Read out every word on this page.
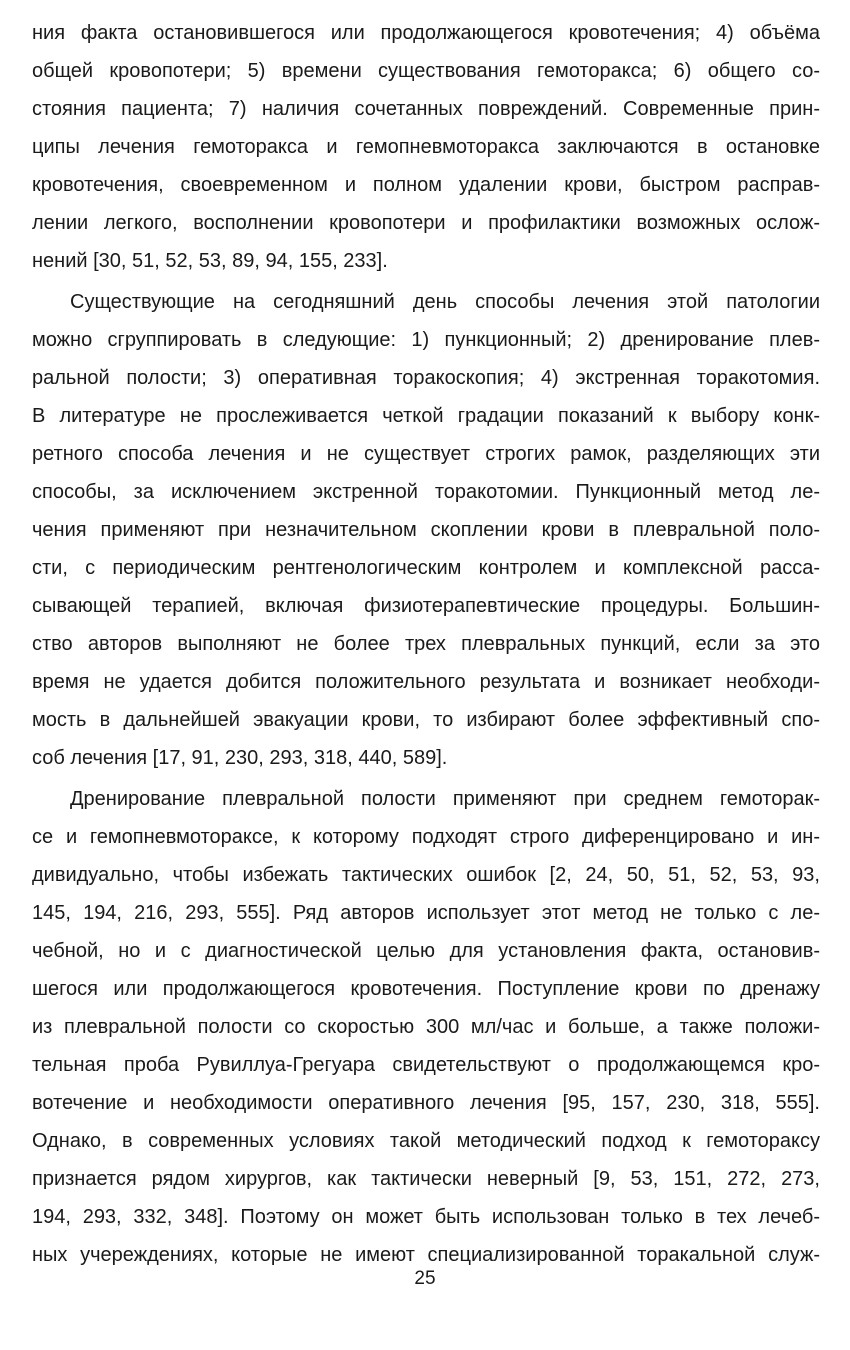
ния факта остановившегося или продолжающегося кровотечения; 4) объёма
общей кровопотери; 5) времени существования гемоторакса; 6) общего со-
стояния пациента; 7) наличия сочетанных повреждений. Современные прин-
ципы лечения гемоторакса и гемопневмоторакса заключаются в остановке
кровотечения, своевременном и полном удалении крови, быстром расправ-
лении легкого, восполнении кровопотери и профилактики возможных ослож-
нений [30, 51, 52, 53, 89, 94, 155, 233].
Существующие на сегодняшний день способы лечения этой патологии
можно сгруппировать в следующие: 1) пункционный; 2) дренирование плев-
ральной полости; 3) оперативная торакоскопия; 4) экстренная торакотомия.
В литературе не прослеживается четкой градации показаний к выбору конк-
ретного способа лечения и не существует строгих рамок, разделяющих эти
способы, за исключением экстренной торакотомии. Пункционный метод ле-
чения применяют при незначительном скоплении крови в плевральной поло-
сти, с периодическим рентгенологическим контролем и комплексной расса-
сывающей терапией, включая физиотерапевтические процедуры. Большин-
ство авторов выполняют не более трех плевральных пункций, если за это
время не удается добится положительного результата и возникает необходи-
мость в дальнейшей эвакуации крови, то избирают более эффективный спо-
соб лечения [17, 91, 230, 293, 318, 440, 589].
Дренирование плевральной полости применяют при среднем гемоторак-
се и гемопневмотораксе, к которому подходят строго диференцировано и ин-
дивидуально, чтобы избежать тактических ошибок [2, 24, 50, 51, 52, 53, 93,
145, 194, 216, 293, 555]. Ряд авторов использует этот метод не только с ле-
чебной, но и с диагностической целью для установления факта, остановив-
шегося или продолжающегося кровотечения. Поступление крови по дренажу
из плевральной полости со скоростью 300 мл/час и больше, а также положи-
тельная проба Рувиллуа-Грегуара свидетельствуют о продолжающемся кро-
вотечение и необходимости оперативного лечения [95, 157, 230, 318, 555].
Однако, в современных условиях такой методический подход к гемотораксу
признается рядом хирургов, как тактически неверный [9, 53, 151, 272, 273,
194, 293, 332, 348]. Поэтому он может быть использован только в тех лечеб-
ных учереждениях, которые не имеют специализированной торакальной служ-
25
